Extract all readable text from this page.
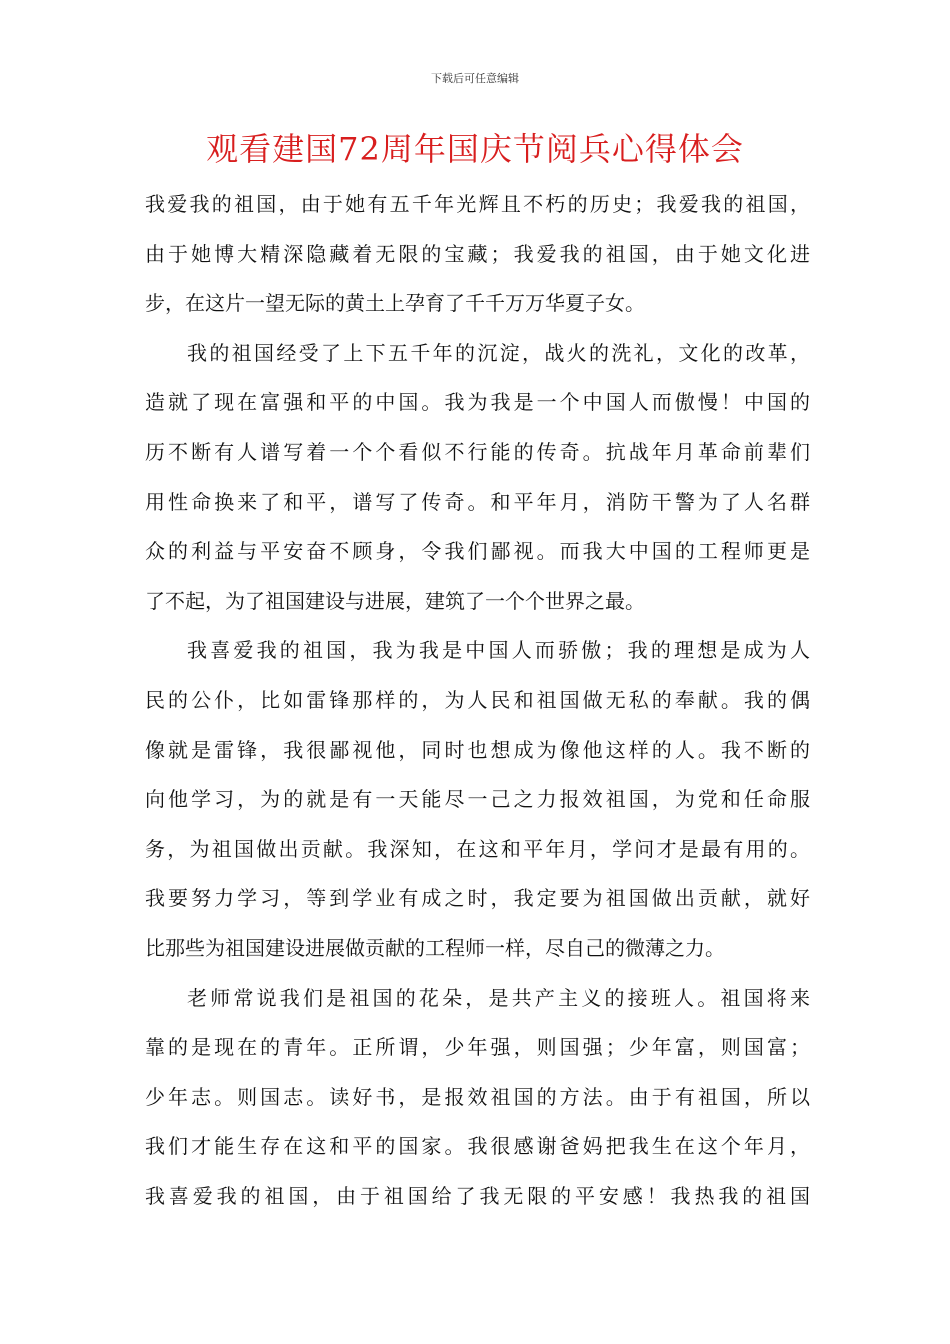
下载后可任意编辑
观看建国72周年国庆节阅兵心得体会
我爱我的祖国，由于她有五千年光辉且不朽的历史；我爱我的祖国，
由于她博大精深隐藏着无限的宝藏；我爱我的祖国，由于她文化进
步，在这片一望无际的黄土上孕育了千千万万华夏子女。
我的祖国经受了上下五千年的沉淀，战火的洗礼，文化的改革，
造就了现在富强和平的中国。我为我是一个中国人而傲慢！中国的
历不断有人谱写着一个个看似不行能的传奇。抗战年月革命前辈们
用性命换来了和平，谱写了传奇。和平年月，消防干警为了人名群
众的利益与平安奋不顾身，令我们鄙视。而我大中国的工程师更是
了不起，为了祖国建设与进展，建筑了一个个世界之最。
我喜爱我的祖国，我为我是中国人而骄傲；我的理想是成为人
民的公仆，比如雷锋那样的，为人民和祖国做无私的奉献。我的偶
像就是雷锋，我很鄙视他，同时也想成为像他这样的人。我不断的
向他学习，为的就是有一天能尽一己之力报效祖国，为党和任命服
务，为祖国做出贡献。我深知，在这和平年月，学问才是最有用的。
我要努力学习，等到学业有成之时，我定要为祖国做出贡献，就好
比那些为祖国建设进展做贡献的工程师一样，尽自己的微薄之力。
老师常说我们是祖国的花朵，是共产主义的接班人。祖国将来
靠的是现在的青年。正所谓，少年强，则国强；少年富，则国富；
少年志。则国志。读好书，是报效祖国的方法。由于有祖国，所以
我们才能生存在这和平的国家。我很感谢爸妈把我生在这个年月，
我喜爱我的祖国，由于祖国给了我无限的平安感！我热我的祖国
